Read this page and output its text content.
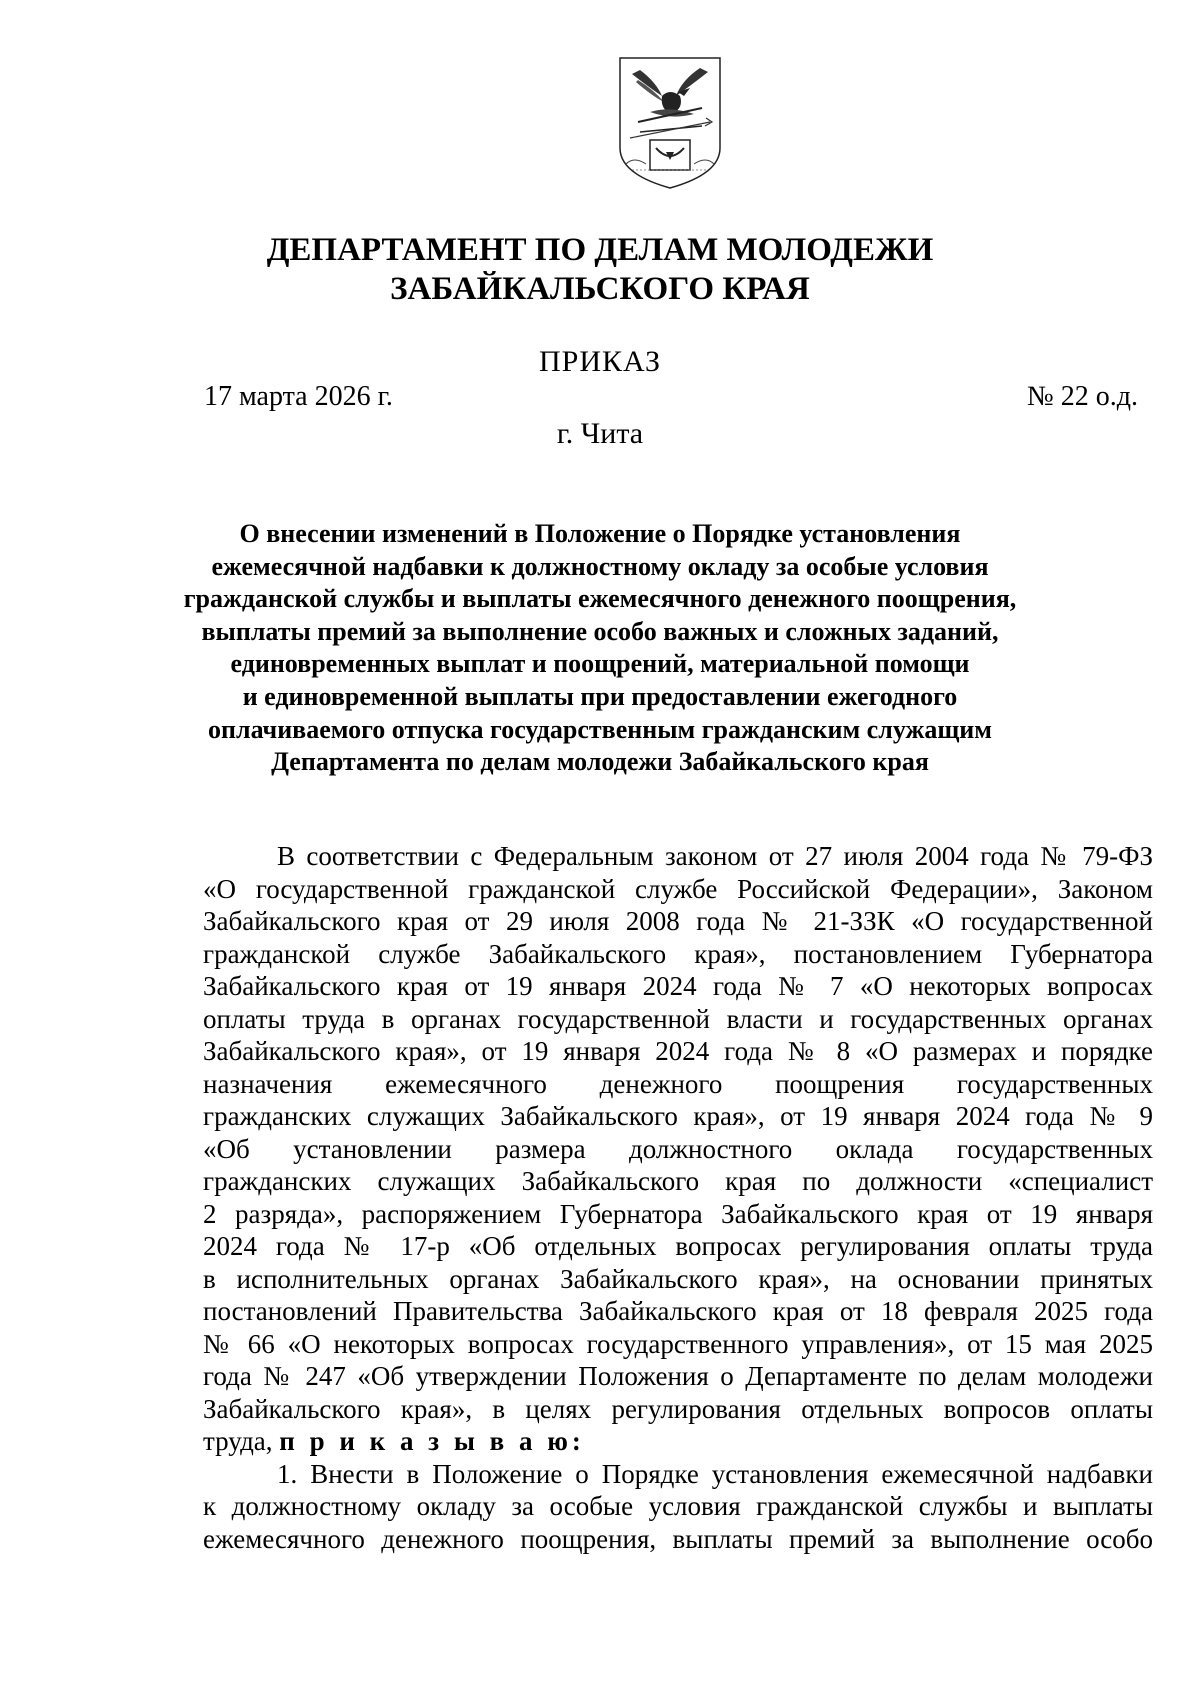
ДЕПАРТАМЕНТ ПО ДЕЛАМ МОЛОДЕЖИ
ЗАБАЙКАЛЬСКОГО КРАЯ
ПРИКАЗ
17 марта 2026 г.	№ 22 о.д.
г. Чита
О внесении изменений в Положение о Порядке установления
ежемесячной надбавки к должностному окладу за особые условия
гражданской службы и выплаты ежемесячного денежного поощрения,
выплаты премий за выполнение особо важных и сложных заданий,
единовременных выплат и поощрений, материальной помощи
и единовременной выплаты при предоставлении ежегодного
оплачиваемого отпуска государственным гражданским служащим
Департамента по делам молодежи Забайкальского края
В соответствии с Федеральным законом от 27 июля 2004 года № 79-ФЗ
«О государственной гражданской службе Российской Федерации», Законом
Забайкальского края от 29 июля 2008 года № 21-ЗЗК «О государственной
гражданской службе Забайкальского края», постановлением Губернатора
Забайкальского края от 19 января 2024 года № 7 «О некоторых вопросах
оплаты труда в органах государственной власти и государственных органах
Забайкальского края», от 19 января 2024 года № 8 «О размерах и порядке
назначения ежемесячного денежного поощрения государственных
гражданских служащих Забайкальского края», от 19 января 2024 года № 9
«Об установлении размера должностного оклада государственных
гражданских служащих Забайкальского края по должности «специалист
2 разряда», распоряжением Губернатора Забайкальского края от 19 января
2024 года № 17-р «Об отдельных вопросах регулирования оплаты труда
в исполнительных органах Забайкальского края», на основании принятых
постановлений Правительства Забайкальского края от 18 февраля 2025 года
№ 66 «О некоторых вопросах государственного управления», от 15 мая 2025
года № 247 «Об утверждении Положения о Департаменте по делам молодежи
Забайкальского края», в целях регулирования отдельных вопросов оплаты
труда, п р и к а з ы в а ю:
1. Внести в Положение о Порядке установления ежемесячной надбавки
к должностному окладу за особые условия гражданской службы и выплаты
ежемесячного денежного поощрения, выплаты премий за выполнение особо
